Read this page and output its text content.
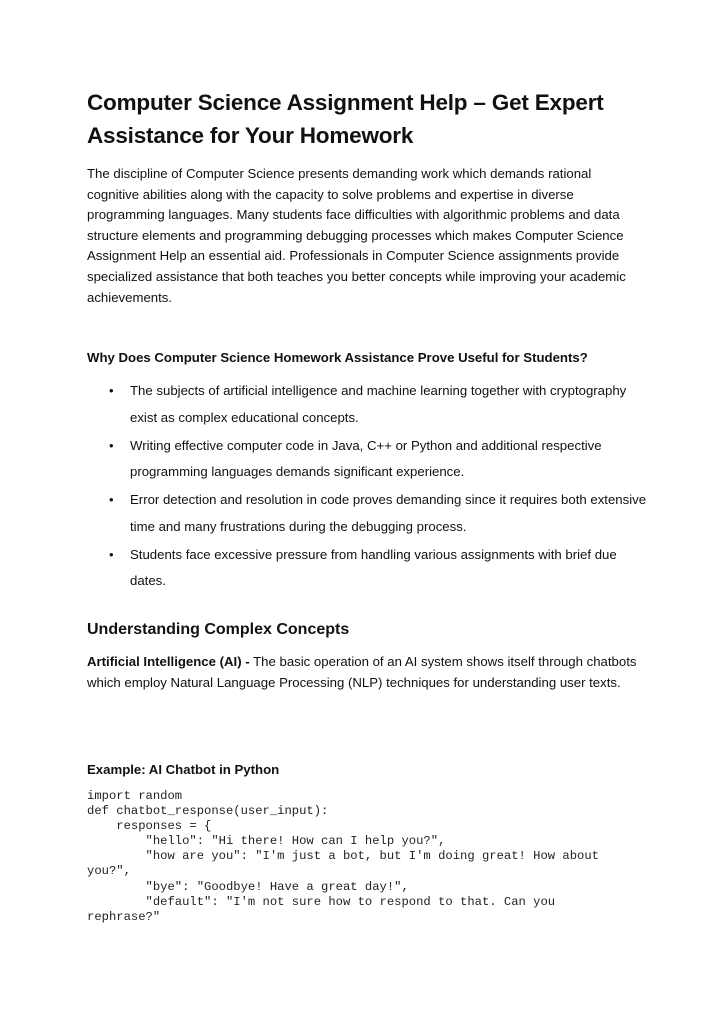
Computer Science Assignment Help – Get Expert Assistance for Your Homework

The discipline of Computer Science presents demanding work which demands rational cognitive abilities along with the capacity to solve problems and expertise in diverse programming languages. Many students face difficulties with algorithmic problems and data structure elements and programming debugging processes which makes Computer Science Assignment Help an essential aid. Professionals in Computer Science assignments provide specialized assistance that both teaches you better concepts while improving your academic achievements.

Why Does Computer Science Homework Assistance Prove Useful for Students?
• The subjects of artificial intelligence and machine learning together with cryptography exist as complex educational concepts.
• Writing effective computer code in Java, C++ or Python and additional respective programming languages demands significant experience.
• Error detection and resolution in code proves demanding since it requires both extensive time and many frustrations during the debugging process.
• Students face excessive pressure from handling various assignments with brief due dates.
Understanding Complex Concepts

Artificial Intelligence (AI) - The basic operation of an AI system shows itself through chatbots which employ Natural Language Processing (NLP) techniques for understanding user texts.

Example: AI Chatbot in Python
import random
def chatbot_response(user_input):
responses = {
"hello": "Hi there! How can I help you?",
"how are you": "I'm just a bot, but I'm doing great! How about you?",
"bye": "Goodbye! Have a great day!",
"default": "I'm not sure how to respond to that. Can you rephrase?"
